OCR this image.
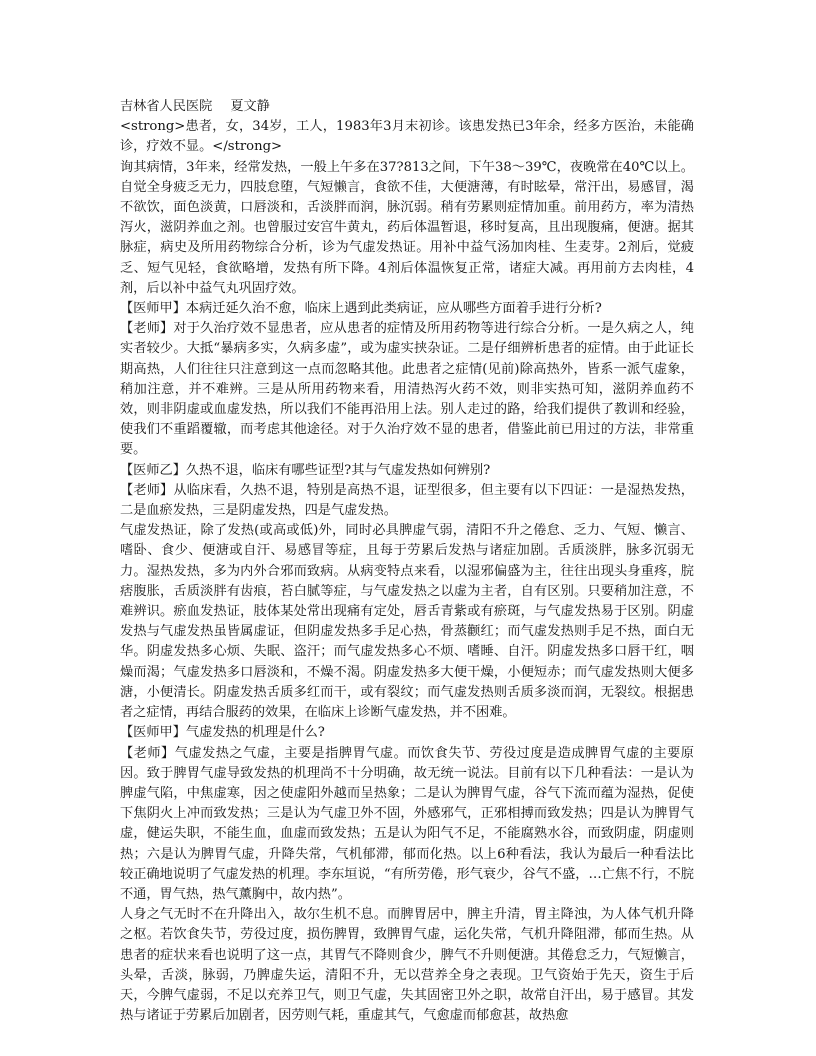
吉林省人民医院 夏文静

<strong>患者，女，34岁，工人，1983年3月末初诊。该患发热已3年余，经多方医治，未能确诊，疗效不显。</strong>

询其病情，3年来，经常发热，一般上午多在37?813之间，下午38～39℃，夜晚常在40℃以上。自觉全身疲乏无力，四肢怠堕，气短懒言，食欲不佳，大便溏薄，有时眩晕，常汗出，易感冒，渴不欲饮，面色淡黄，口唇淡和，舌淡胖而润，脉沉弱。稍有劳累则症情加重。前用药方，率为清热泻火，滋阴养血之剂。也曾服过安宫牛黄丸，药后体温暂退，移时复高，且出现腹痛，便溏。据其脉症，病史及所用药物综合分析，诊为气虚发热证。用补中益气汤加肉桂、生麦芽。2剂后，觉疲乏、短气见轻，食欲略增，发热有所下降。4剂后体温恢复正常，诸症大减。再用前方去肉桂，4剂，后以补中益气丸巩固疗效。

【医师甲】本病迁延久治不愈，临床上遇到此类病证，应从哪些方面着手进行分析?

【老师】对于久治疗效不显患者，应从患者的症情及所用药物等进行综合分析。一是久病之人，纯实者较少。大抵“暴病多实，久病多虚”，或为虚实挟杂证。二是仔细辨析患者的症情。由于此证长期高热，人们往往只注意到这一点而忽略其他。此患者之症情(见前)除高热外，皆系一派气虚象，稍加注意，并不难辨。三是从所用药物来看，用清热泻火药不效，则非实热可知，滋阴养血药不效，则非阴虚或血虚发热，所以我们不能再沿用上法。别人走过的路，给我们提供了教训和经验，使我们不重蹈覆辙，而考虑其他途径。对于久治疗效不显的患者，借鉴此前已用过的方法，非常重要。

【医师乙】久热不退，临床有哪些证型?其与气虚发热如何辨别?

【老师】从临床看，久热不退，特别是高热不退，证型很多，但主要有以下四证：一是湿热发热，二是血瘀发热，三是阴虚发热，四是气虚发热。

气虚发热证，除了发热(或高或低)外，同时必具脾虚气弱，清阳不升之倦怠、乏力、气短、懒言、嗜卧、食少、便溏或自汗、易感冒等症，且每于劳累后发热与诸症加剧。舌质淡胖，脉多沉弱无力。湿热发热，多为内外合邪而致病。从病变特点来看，以湿邪偏盛为主，往往出现头身重疼，脘痞腹胀，舌质淡胖有齿痕，苔白腻等症，与气虚发热之以虚为主者，自有区别。只要稍加注意，不难辨识。瘀血发热证，肢体某处常出现痛有定处，唇舌青紫或有瘀斑，与气虚发热易于区别。阴虚发热与气虚发热虽皆属虚证，但阴虚发热多手足心热，骨蒸颧红；而气虚发热则手足不热，面白无华。阴虚发热多心烦、失眠、盗汗；而气虚发热多心不烦、嗜睡、自汗。阴虚发热多口唇干红，咽燥而渴；气虚发热多口唇淡和，不燥不渴。阴虚发热多大便干燥，小便短赤；而气虚发热则大便多溏，小便清长。阴虚发热舌质多红而干，或有裂纹；而气虚发热则舌质多淡而润，无裂纹。根据患者之症情，再结合服药的效果，在临床上诊断气虚发热，并不困难。

【医师甲】气虚发热的机理是什么?

【老师】气虚发热之气虚，主要是指脾胃气虚。而饮食失节、劳役过度是造成脾胃气虚的主要原因。致于脾胃气虚导致发热的机理尚不十分明确，故无统一说法。目前有以下几种看法：一是认为脾虚气陷，中焦虚寒，因之使虚阳外越而呈热象；二是认为脾胃气虚，谷气下流而蕴为湿热，促使下焦阴火上冲而致发热；三是认为气虚卫外不固，外感邪气，正邪相搏而致发热；四是认为脾胃气虚，健运失职，不能生血，血虚而致发热；五是认为阳气不足，不能腐熟水谷，而致阴虚，阴虚则热；六是认为脾胃气虚，升降失常，气机郁滞，郁而化热。以上6种看法，我认为最后一种看法比较正确地说明了气虚发热的机理。李东垣说，“有所劳倦，形气衰少，谷气不盛，…亡焦不行，不脘不通，胃气热，热气薰胸中，故内热”。

人身之气无时不在升降出入，故尔生机不息。而脾胃居中，脾主升清，胃主降浊，为人体气机升降之枢。若饮食失节，劳役过度，损伤脾胃，致脾胃气虚，运化失常，气机升降阻滞，郁而生热。从患者的症状来看也说明了这一点，其胃气不降则食少，脾气不升则便溏。其倦怠乏力，气短懒言，头晕，舌淡，脉弱，乃脾虚失运，清阳不升，无以营养全身之表现。卫气资始于先天，资生于后天，今脾气虚弱，不足以充养卫气，则卫气虚，失其固密卫外之职，故常自汗出，易于感冒。其发热与诸证于劳累后加剧者，因劳则气耗，重虚其气，气愈虚而郁愈甚，故热愈
